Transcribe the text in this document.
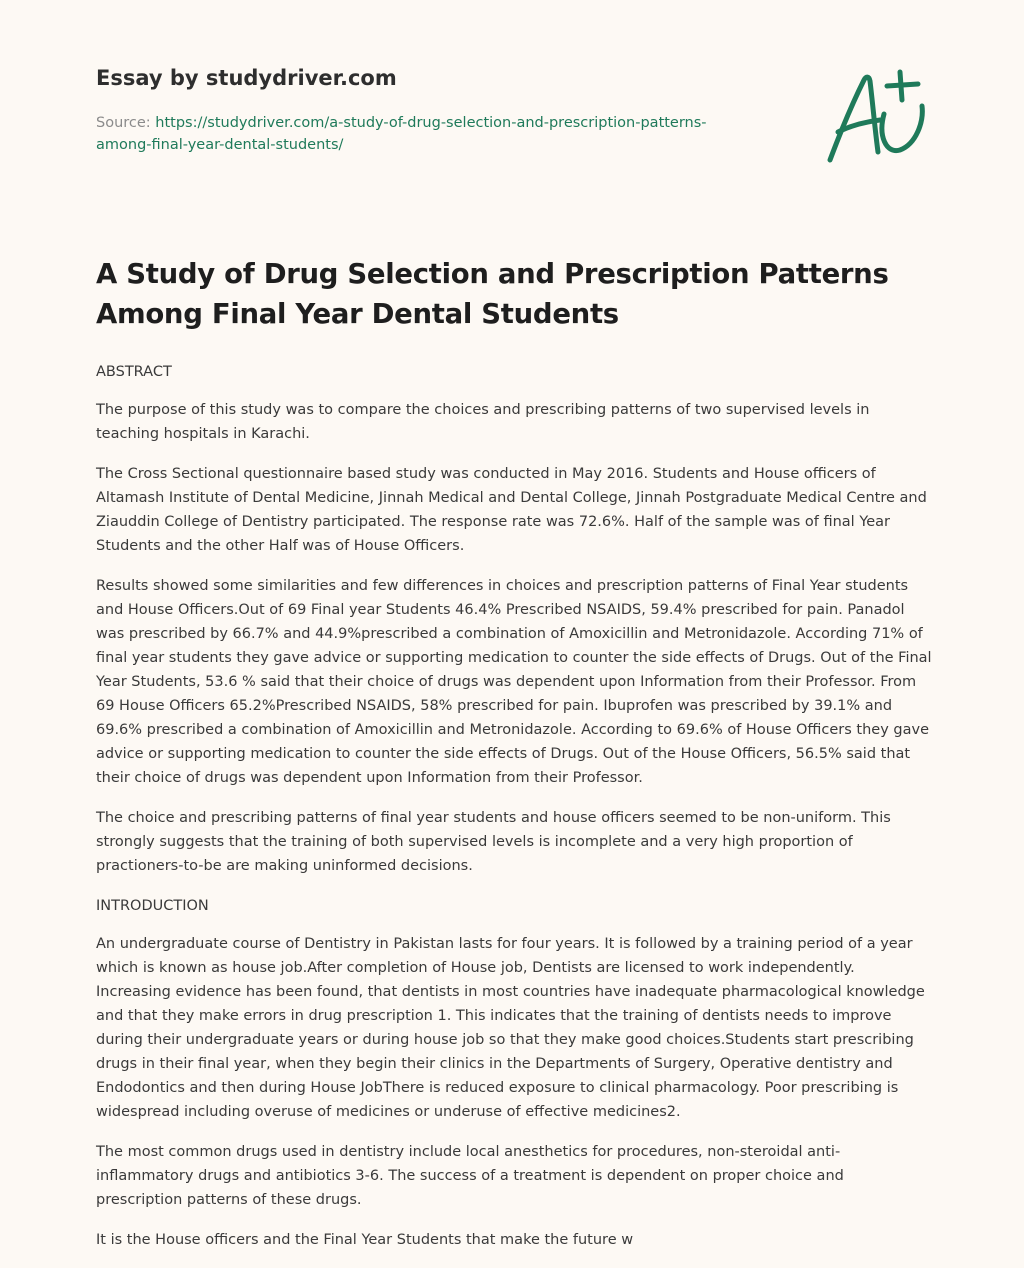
Essay by studydriver.com
Source: https://studydriver.com/a-study-of-drug-selection-and-prescription-patterns-among-final-year-dental-students/
A Study of Drug Selection and Prescription Patterns Among Final Year Dental Students
ABSTRACT

The purpose of this study was to compare the choices and prescribing patterns of two supervised levels in teaching hospitals in Karachi.

The Cross Sectional questionnaire based study was conducted in May 2016. Students and House officers of Altamash Institute of Dental Medicine, Jinnah Medical and Dental College, Jinnah Postgraduate Medical Centre and Ziauddin College of Dentistry participated. The response rate was 72.6%. Half of the sample was of final Year Students and the other Half was of House Officers.

Results showed some similarities and few differences in choices and prescription patterns of Final Year students and House Officers.Out of 69 Final year Students 46.4% Prescribed NSAIDS, 59.4% prescribed for pain. Panadol was prescribed by 66.7% and 44.9%prescribed a combination of Amoxicillin and Metronidazole. According 71% of final year students they gave advice or supporting medication to counter the side effects of Drugs. Out of the Final Year Students, 53.6 % said that their choice of drugs was dependent upon Information from their Professor. From 69 House Officers 65.2%Prescribed NSAIDS, 58% prescribed for pain. Ibuprofen was prescribed by 39.1% and 69.6% prescribed a combination of Amoxicillin and Metronidazole. According to 69.6% of House Officers they gave advice or supporting medication to counter the side effects of Drugs. Out of the House Officers, 56.5% said that their choice of drugs was dependent upon Information from their Professor.

The choice and prescribing patterns of final year students and house officers seemed to be non-uniform. This strongly suggests that the training of both supervised levels is incomplete and a very high proportion of practioners-to-be are making uninformed decisions.

INTRODUCTION

An undergraduate course of Dentistry in Pakistan lasts for four years. It is followed by a training period of a year which is known as house job.After completion of House job, Dentists are licensed to work independently. Increasing evidence has been found, that dentists in most countries have inadequate pharmacological knowledge and that they make errors in drug prescription 1. This indicates that the training of dentists needs to improve during their undergraduate years or during house job so that they make good choices.Students start prescribing drugs in their final year, when they begin their clinics in the Departments of Surgery, Operative dentistry and Endodontics and then during House JobThere is reduced exposure to clinical pharmacology. Poor prescribing is widespread including overuse of medicines or underuse of effective medicines2.

The most common drugs used in dentistry include local anesthetics for procedures, non-steroidal anti-inflammatory drugs and antibiotics 3-6. The success of a treatment is dependent on proper choice and prescription patterns of these drugs.

It is the House officers and the Final Year Students that make the future w
